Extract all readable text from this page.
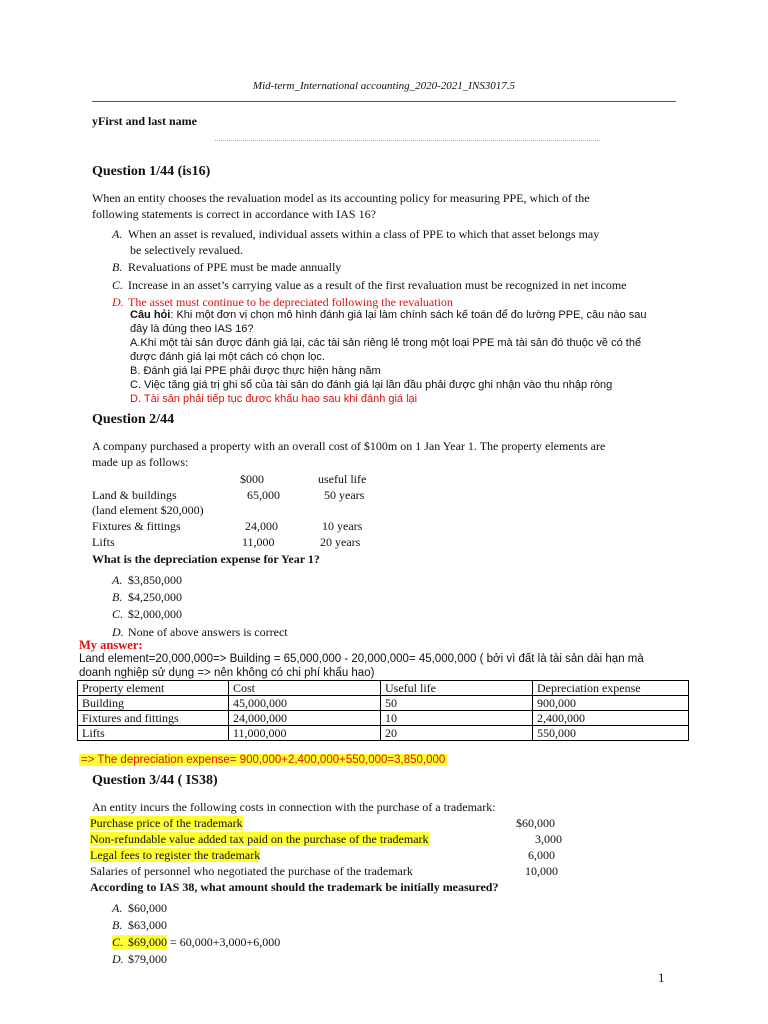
Mid-term_International accounting_2020-2021_INS3017.5
yFirst and last name
Question 1/44 (is16)
When an entity chooses the revaluation model as its accounting policy for measuring PPE, which of the
following statements is correct in accordance with IAS 16?
A. When an asset is revalued, individual assets within a class of PPE to which that asset belongs may
be selectively revalued.
B. Revaluations of PPE must be made annually
C. Increase in an asset’s carrying value as a result of the first revaluation must be recognized in net income
D. The asset must continue to be depreciated following the revaluation
Câu hỏi: Khi một đơn vị chọn mô hình đánh giá lại làm chính sách kế toán để đo lường PPE, câu nào sau
đây là đúng theo IAS 16?
A.Khi một tài sản được đánh giá lại, các tài sản riêng lẻ trong một loại PPE mà tài sản đó thuộc về có thể
được đánh giá lại một cách có chọn lọc.
B. Đánh giá lại PPE phải được thực hiện hàng năm
C. Việc tăng giá trị ghi sổ của tài sản do đánh giá lại lần đầu phải được ghi nhận vào thu nhập ròng
D. Tài sản phải tiếp tục được khấu hao sau khi đánh giá lại
Question 2/44
A company purchased a property with an overall cost of $100m on 1 Jan Year 1. The property elements are
made up as follows:
$000	useful life
Land & buildings	65,000	50 years
(land element $20,000)
Fixtures & fittings	24,000	10 years
Lifts	11,000	20 years
What is the depreciation expense for Year 1?
A. $3,850,000
B. $4,250,000
C. $2,000,000
D. None of above answers is correct
My answer:
Land element=20,000,000=> Building = 65,000,000 - 20,000,000= 45,000,000 ( bởi vì đất là tài sản dài hạn mà
doanh nghiệp sử dụng => nên không có chi phí khấu hao)
Property element	Cost	Useful life	Depreciation expense
Building	45,000,000	50	900,000
Fixtures and fittings	24,000,000	10	2,400,000
Lifts	11,000,000	20	550,000
=> The depreciation expense= 900,000+2,400,000+550,000=3,850,000
Question 3/44 ( IS38)
An entity incurs the following costs in connection with the purchase of a trademark:
Purchase price of the trademark	$60,000
Non-refundable value added tax paid on the purchase of the trademark	3,000
Legal fees to register the trademark	6,000
Salaries of personnel who negotiated the purchase of the trademark	10,000
According to IAS 38, what amount should the trademark be initially measured?
A. $60,000
B. $63,000
C. $69,000 = 60,000+3,000+6,000
D. $79,000
1
